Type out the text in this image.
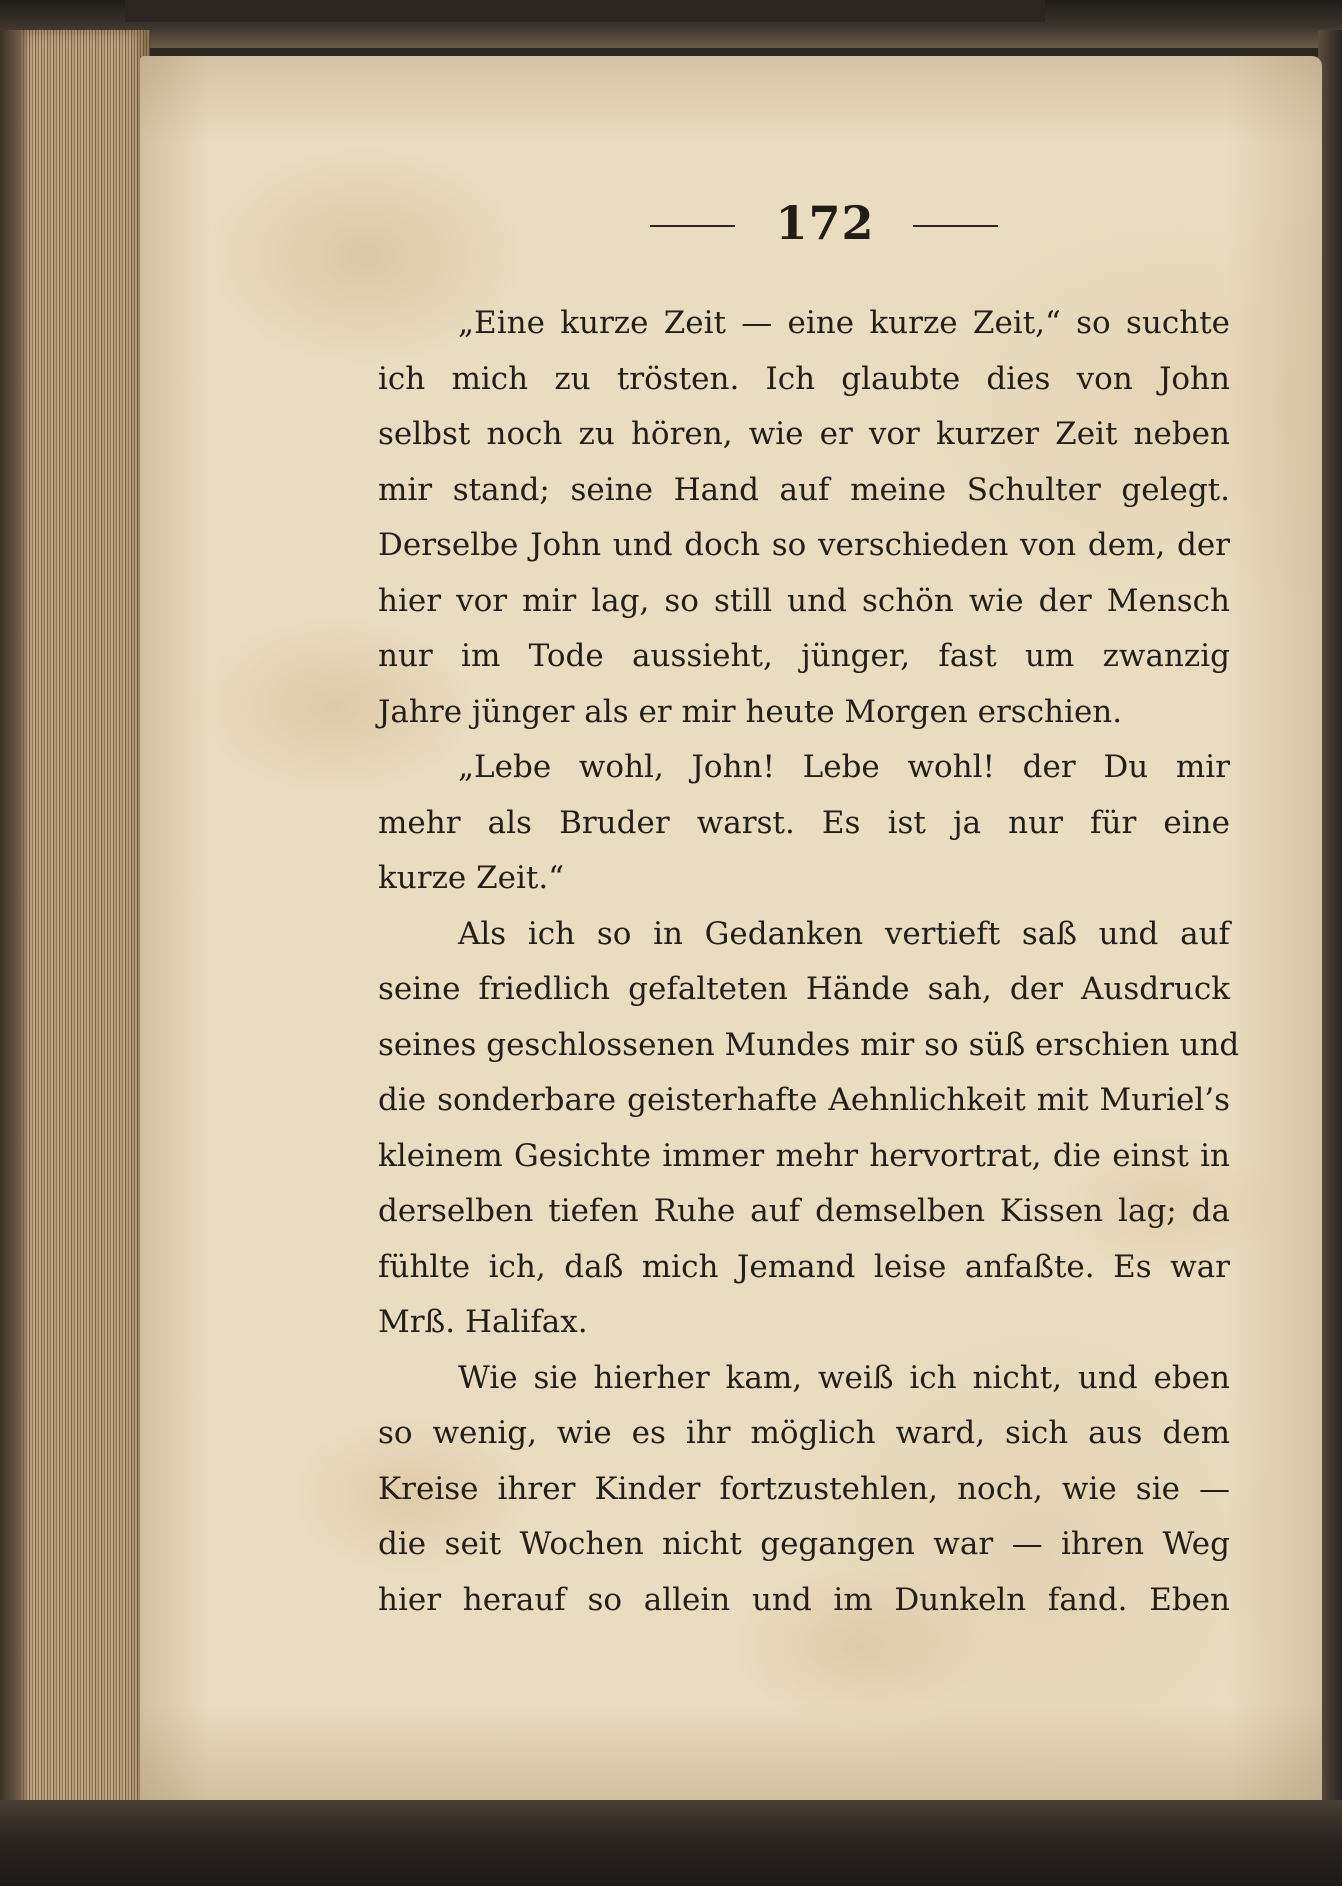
172
„Eine kurze Zeit — eine kurze Zeit,“ so suchte
ich mich zu trösten. Ich glaubte dies von John
selbst noch zu hören, wie er vor kurzer Zeit neben
mir stand; seine Hand auf meine Schulter gelegt.
Derselbe John und doch so verschieden von dem, der
hier vor mir lag, so still und schön wie der Mensch
nur im Tode aussieht, jünger, fast um zwanzig
Jahre jünger als er mir heute Morgen erschien.
„Lebe wohl, John! Lebe wohl! der Du mir
mehr als Bruder warst. Es ist ja nur für eine
kurze Zeit.“
Als ich so in Gedanken vertieft saß und auf
seine friedlich gefalteten Hände sah, der Ausdruck
seines geschlossenen Mundes mir so süß erschien und
die sonderbare geisterhafte Aehnlichkeit mit Muriel’s
kleinem Gesichte immer mehr hervortrat, die einst in
derselben tiefen Ruhe auf demselben Kissen lag; da
fühlte ich, daß mich Jemand leise anfaßte. Es war
Mrß. Halifax.
Wie sie hierher kam, weiß ich nicht, und eben
so wenig, wie es ihr möglich ward, sich aus dem
Kreise ihrer Kinder fortzustehlen, noch, wie sie —
die seit Wochen nicht gegangen war — ihren Weg
hier herauf so allein und im Dunkeln fand. Eben
